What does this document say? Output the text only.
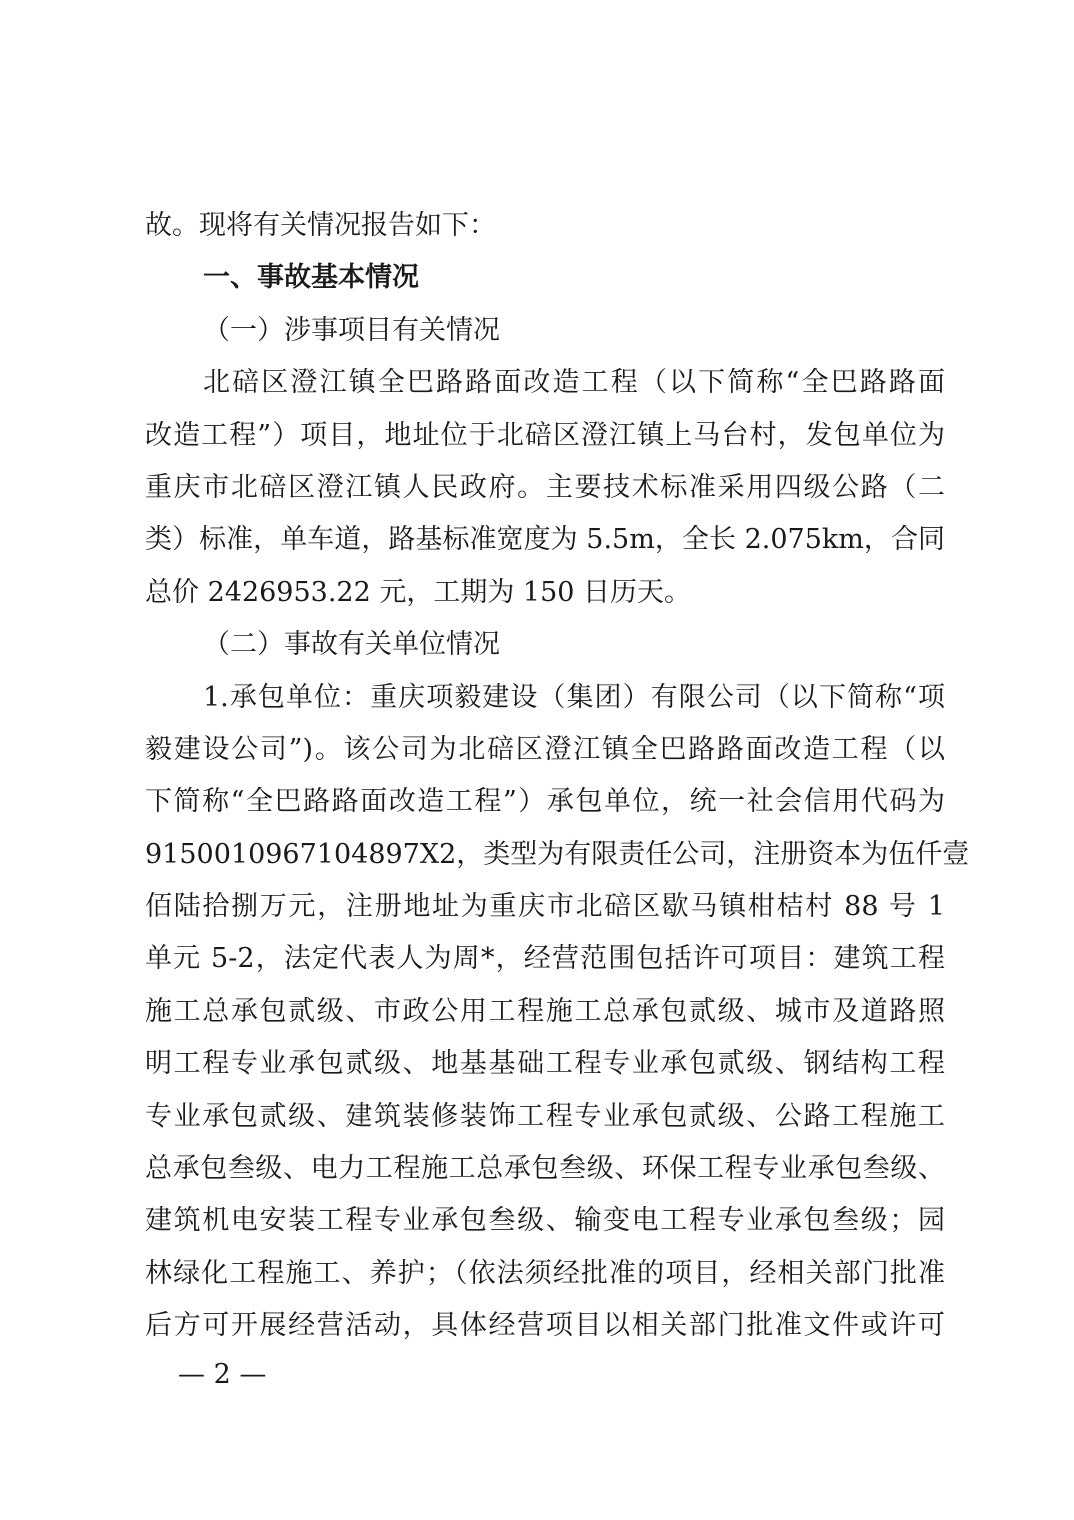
故。现将有关情况报告如下：
一、事故基本情况
（一）涉事项目有关情况
北碚区澄江镇全巴路路面改造工程（以下简称“全巴路路面
改造工程”）项目，地址位于北碚区澄江镇上马台村，发包单位为
重庆市北碚区澄江镇人民政府。主要技术标准采用四级公路（二
类）标准，单车道，路基标准宽度为 5.5m，全长 2.075km，合同
总价 2426953.22 元，工期为 150 日历天。
（二）事故有关单位情况
1.承包单位：重庆项毅建设（集团）有限公司（以下简称“项
毅建设公司”)。该公司为北碚区澄江镇全巴路路面改造工程（以
下简称“全巴路路面改造工程”）承包单位，统一社会信用代码为
9150010967104897X2，类型为有限责任公司，注册资本为伍仟壹
佰陆拾捌万元，注册地址为重庆市北碚区歇马镇柑桔村 88 号 1
单元 5-2，法定代表人为周*，经营范围包括许可项目：建筑工程
施工总承包贰级、市政公用工程施工总承包贰级、城市及道路照
明工程专业承包贰级、地基基础工程专业承包贰级、钢结构工程
专业承包贰级、建筑装修装饰工程专业承包贰级、公路工程施工
总承包叁级、电力工程施工总承包叁级、环保工程专业承包叁级、
建筑机电安装工程专业承包叁级、输变电工程专业承包叁级；园
林绿化工程施工、养护；（依法须经批准的项目，经相关部门批准
后方可开展经营活动，具体经营项目以相关部门批准文件或许可
— 2 —
